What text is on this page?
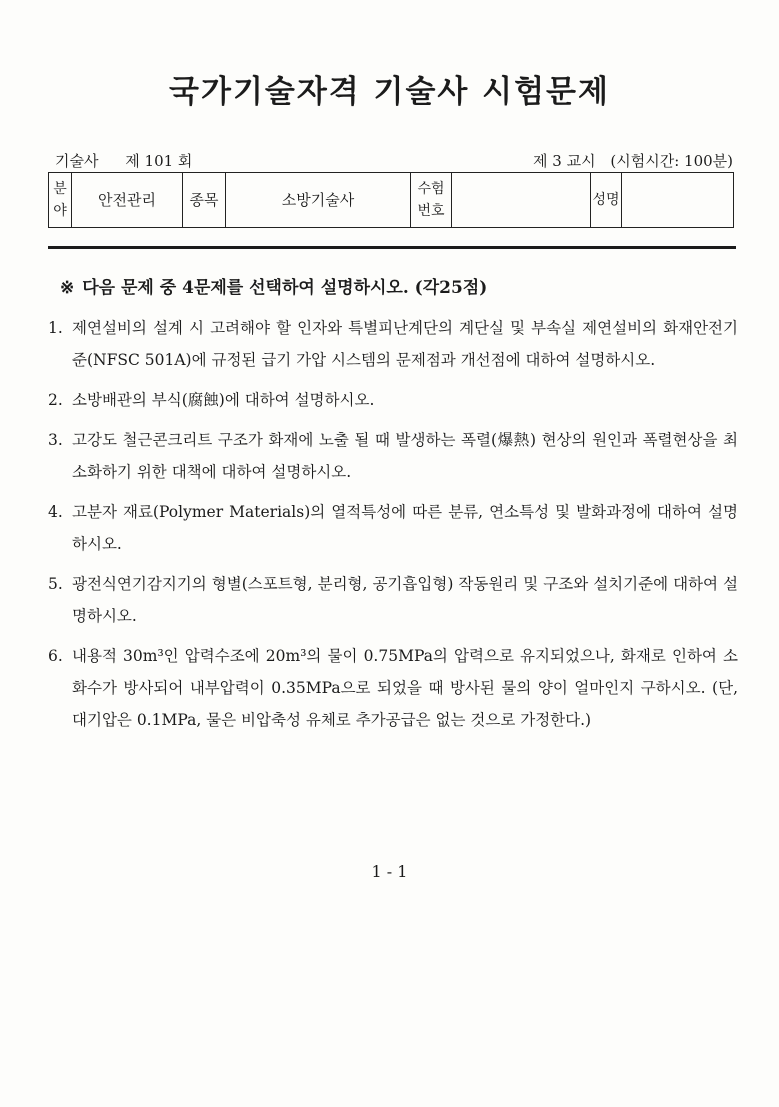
국가기술자격 기술사 시험문제
기술사 제 101 회	제 3 교시 (시험시간: 100분)
분야	안전관리	종목	소방기술사	수험번호		성명	
※ 다음 문제 중 4문제를 선택하여 설명하시오. (각25점)
1. 제연설비의 설계 시 고려해야 할 인자와 특별피난계단의 계단실 및 부속실 제연설비의 화재안전기준(NFSC 501A)에 규정된 급기 가압 시스템의 문제점과 개선점에 대하여 설명하시오.
2. 소방배관의 부식(腐蝕)에 대하여 설명하시오.
3. 고강도 철근콘크리트 구조가 화재에 노출 될 때 발생하는 폭렬(爆熱) 현상의 원인과 폭렬현상을 최소화하기 위한 대책에 대하여 설명하시오.
4. 고분자 재료(Polymer Materials)의 열적특성에 따른 분류, 연소특성 및 발화과정에 대하여 설명하시오.
5. 광전식연기감지기의 형별(스포트형, 분리형, 공기흡입형) 작동원리 및 구조와 설치기준에 대하여 설명하시오.
6. 내용적 30m³인 압력수조에 20m³의 물이 0.75MPa의 압력으로 유지되었으나, 화재로 인하여 소화수가 방사되어 내부압력이 0.35MPa으로 되었을 때 방사된 물의 양이 얼마인지 구하시오. (단, 대기압은 0.1MPa, 물은 비압축성 유체로 추가공급은 없는 것으로 가정한다.)
1 - 1
